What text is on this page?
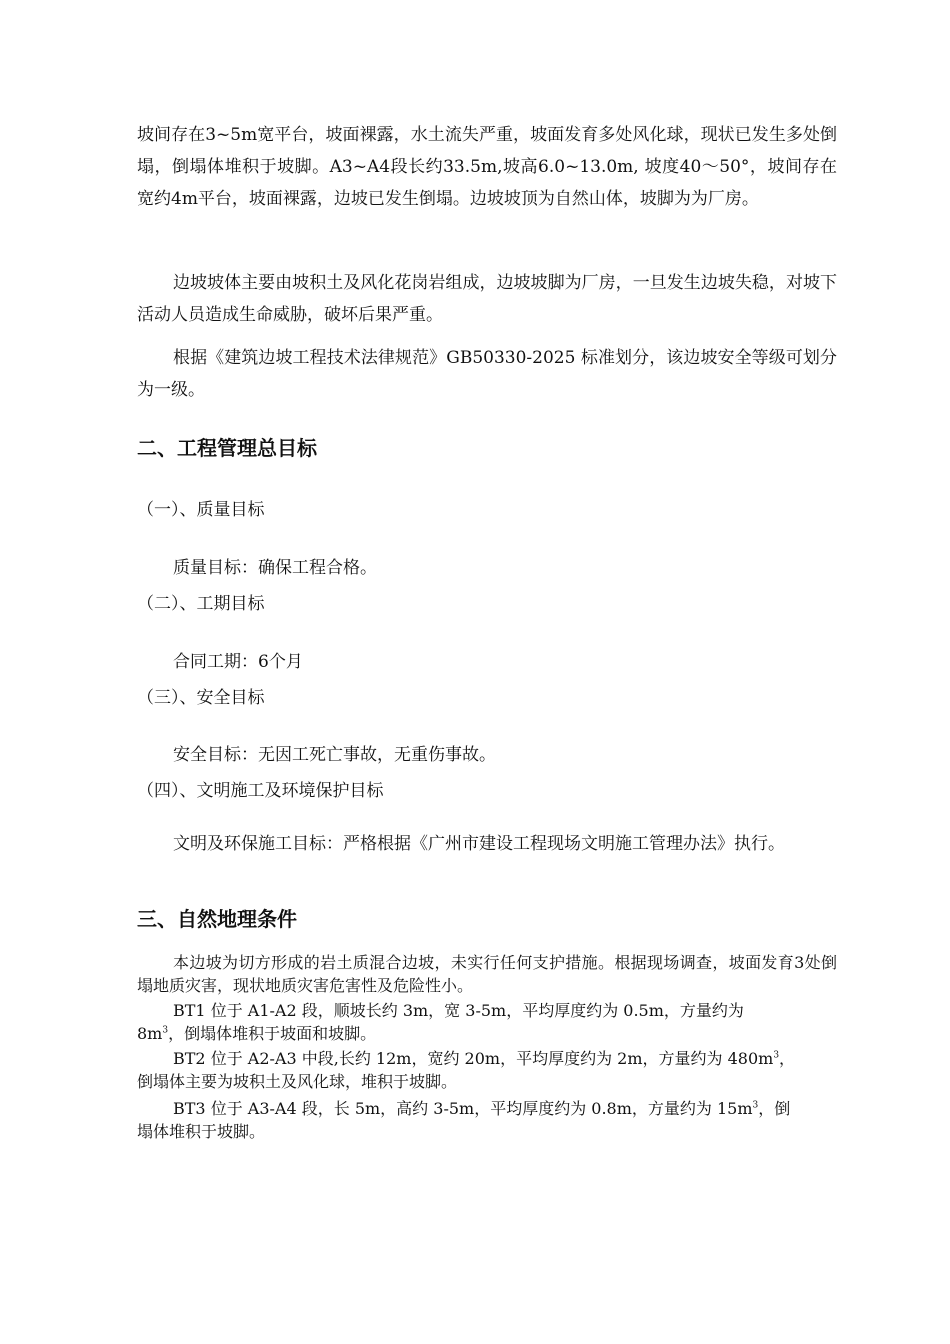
坡间存在3~5m宽平台，坡面裸露，水土流失严重，坡面发育多处风化球，现状已发生多处倒塌，倒塌体堆积于坡脚。A3~A4段长约33.5m,坡高6.0~13.0m, 坡度40～50°，坡间存在宽约4m平台，坡面裸露，边坡已发生倒塌。边坡坡顶为自然山体，坡脚为为厂房。

边坡坡体主要由坡积土及风化花岗岩组成，边坡坡脚为厂房，一旦发生边坡失稳，对坡下活动人员造成生命威胁，破坏后果严重。

根据《建筑边坡工程技术法律规范》GB50330-2025 标准划分，该边坡安全等级可划分为一级。

二、工程管理总目标
（一）、质量目标
质量目标：确保工程合格。
（二）、工期目标
合同工期：6个月
（三）、安全目标
安全目标：无因工死亡事故，无重伤事故。
（四）、文明施工及环境保护目标

文明及环保施工目标：严格根据《广州市建设工程现场文明施工管理办法》执行。

三、自然地理条件

本边坡为切方形成的岩土质混合边坡，未实行任何支护措施。根据现场调查，坡面发育3处倒塌地质灾害，现状地质灾害危害性及危险性小。

BT1 位于 A1-A2 段，顺坡长约 3m，宽 3-5m，平均厚度约为 0.5m，方量约为
$8m^3$，倒塌体堆积于坡面和坡脚。
BT2 位于 A2-A3 中段,长约 12m，宽约 20m，平均厚度约为 2m，方量约为 $480m^3$，
倒塌体主要为坡积土及风化球，堆积于坡脚。
BT3 位于 A3-A4 段，长 5m，高约 3-5m，平均厚度约为 0.8m，方量约为 $15m^3$，倒
塌体堆积于坡脚。
